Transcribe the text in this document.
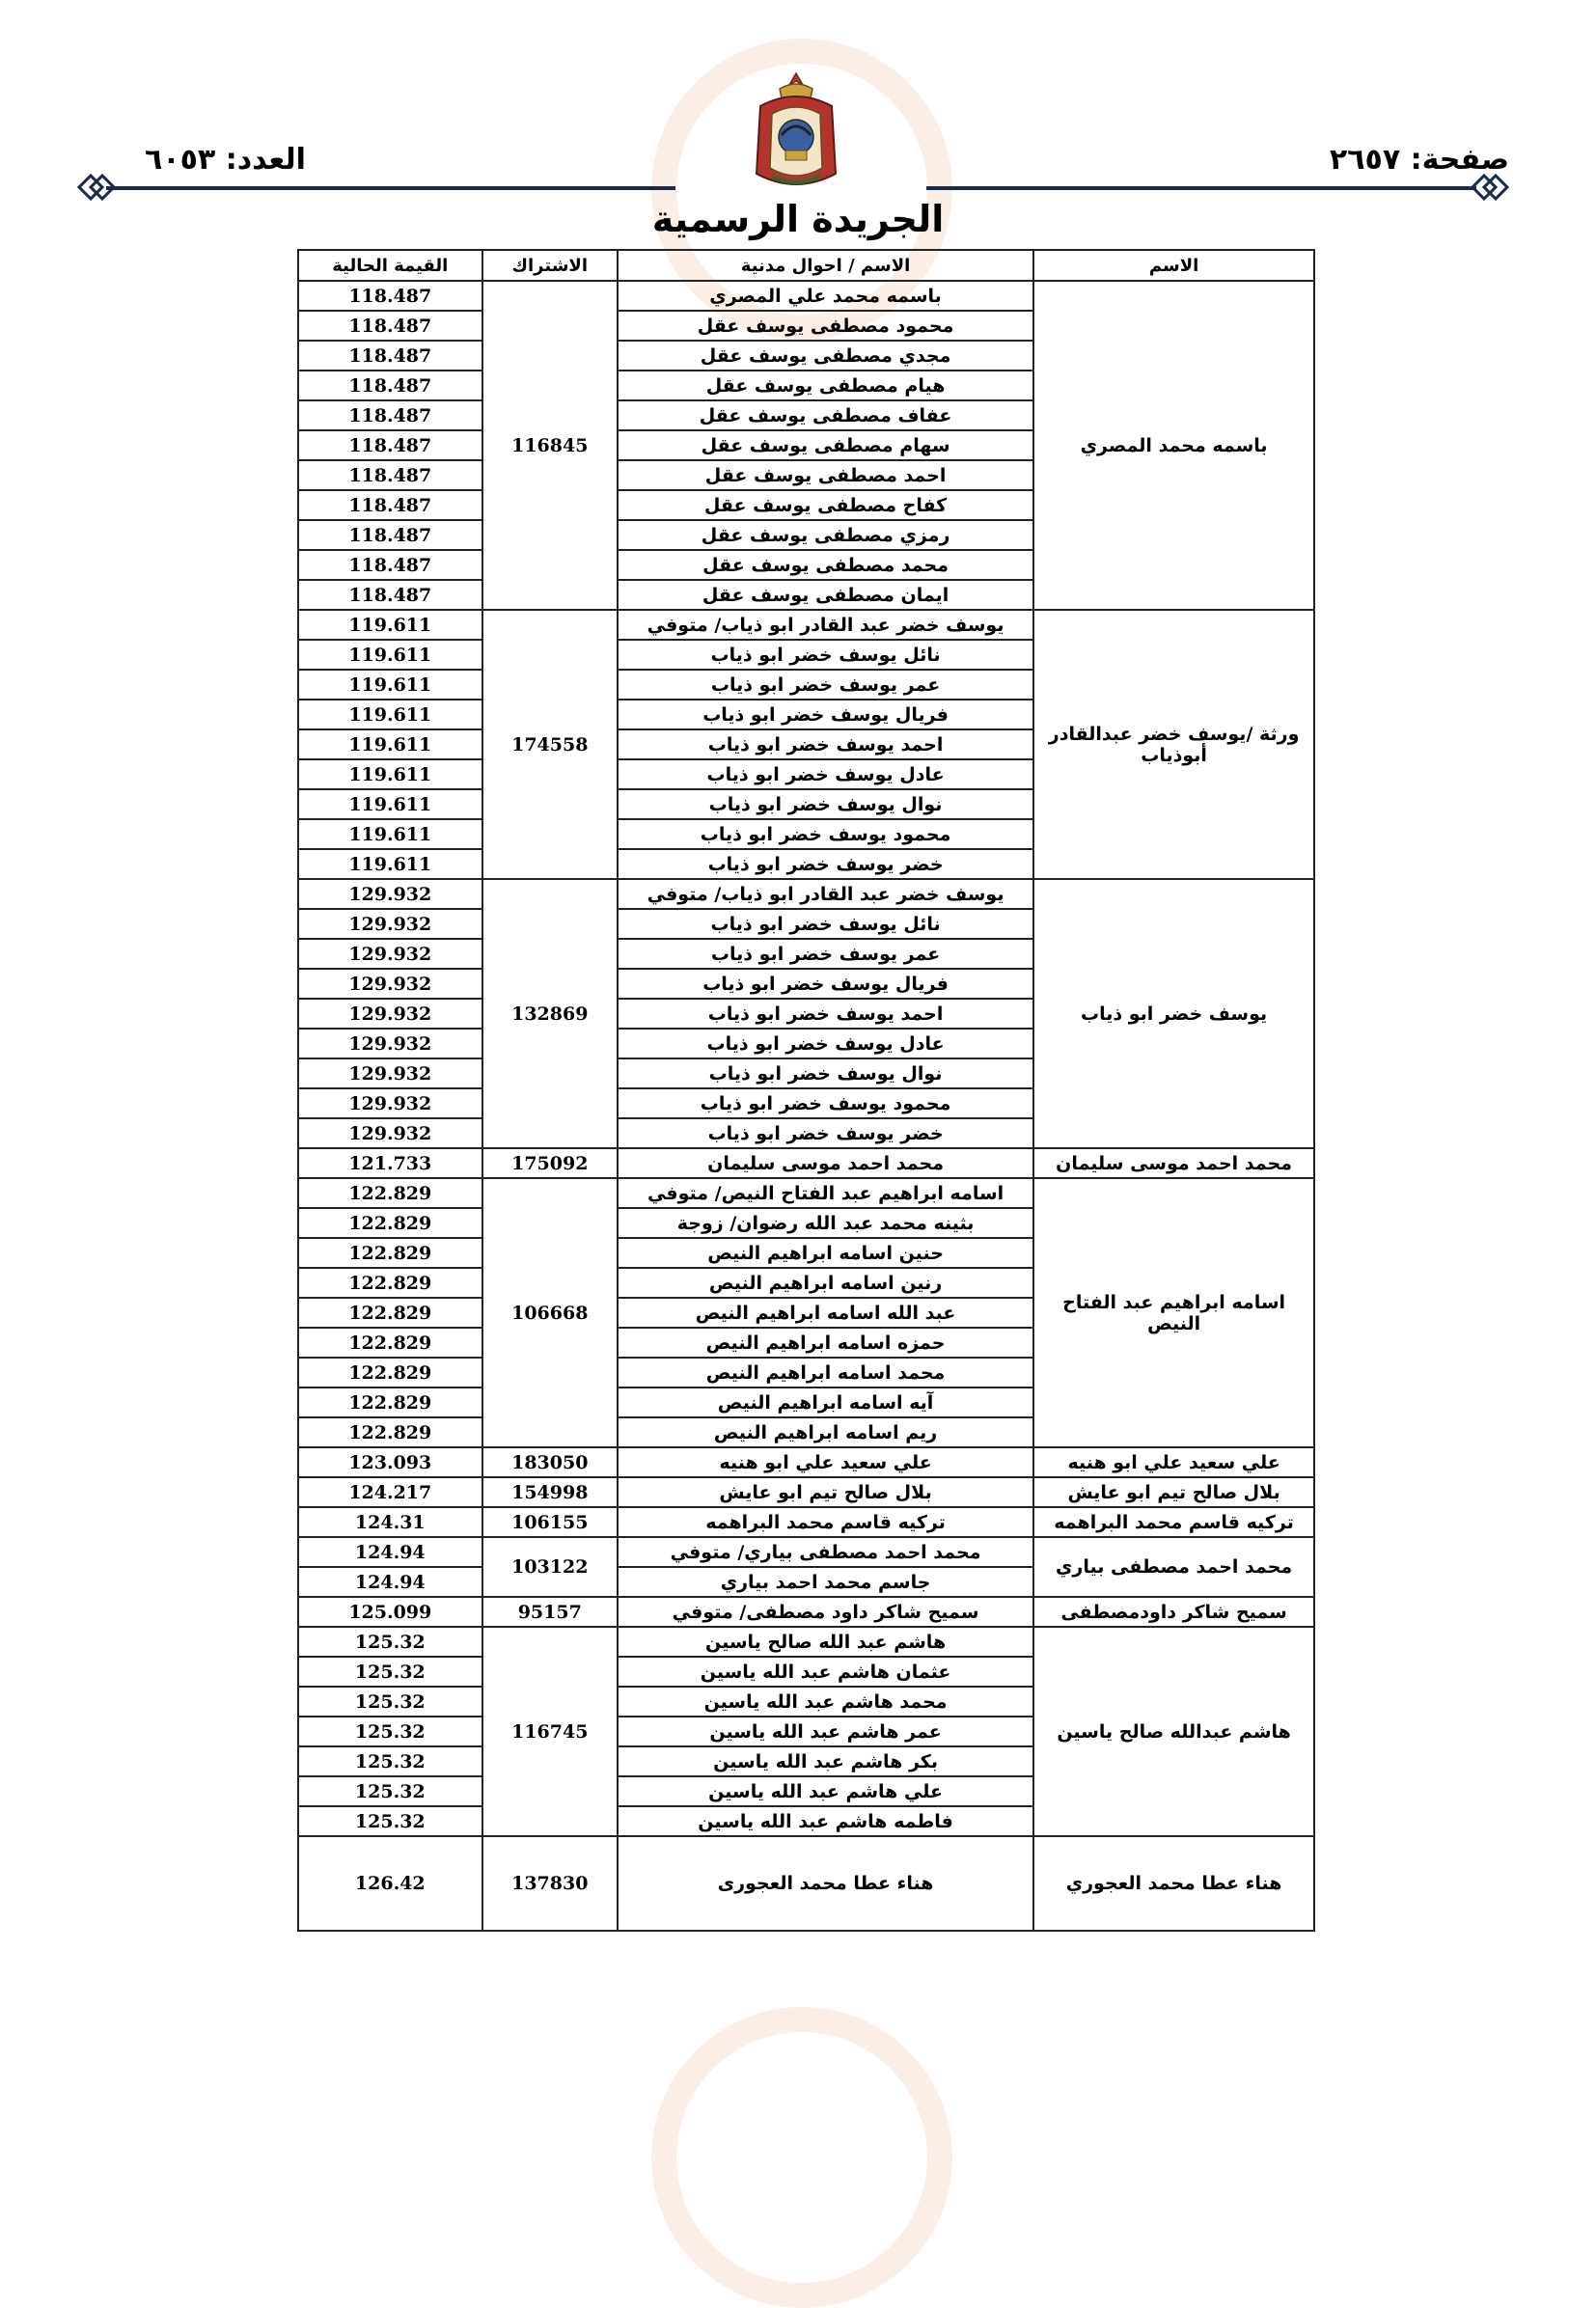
صفحة: ٢٦٥٧
العدد: ٦٠٥٣
الجريدة الرسمية
الاسم	الاسم / احوال مدنية	الاشتراك	القيمة الحالية
باسمه محمد المصري	باسمه محمد علي المصري	116845	118.487
	محمود مصطفى يوسف عقل		118.487
	مجدي مصطفى يوسف عقل		118.487
	هيام مصطفى يوسف عقل		118.487
	عفاف مصطفى يوسف عقل		118.487
	سهام مصطفى يوسف عقل		118.487
	احمد مصطفى يوسف عقل		118.487
	كفاح مصطفى يوسف عقل		118.487
	رمزي مصطفى يوسف عقل		118.487
	محمد مصطفى يوسف عقل		118.487
	ايمان مصطفى يوسف عقل		118.487
ورثة /يوسف خضر عبدالقادر أبوذياب	يوسف خضر عبد القادر ابو ذياب/ متوفي	174558	119.611
	نائل يوسف خضر ابو ذياب		119.611
	عمر يوسف خضر ابو ذياب		119.611
	فريال يوسف خضر ابو ذياب		119.611
	احمد يوسف خضر ابو ذياب		119.611
	عادل يوسف خضر ابو ذياب		119.611
	نوال يوسف خضر ابو ذياب		119.611
	محمود يوسف خضر ابو ذياب		119.611
	خضر يوسف خضر ابو ذياب		119.611
يوسف خضر ابو ذياب	يوسف خضر عبد القادر ابو ذياب/ متوفي	132869	129.932
	نائل يوسف خضر ابو ذياب		129.932
	عمر يوسف خضر ابو ذياب		129.932
	فريال يوسف خضر ابو ذياب		129.932
	احمد يوسف خضر ابو ذياب		129.932
	عادل يوسف خضر ابو ذياب		129.932
	نوال يوسف خضر ابو ذياب		129.932
	محمود يوسف خضر ابو ذياب		129.932
	خضر يوسف خضر ابو ذياب		129.932
محمد احمد موسى سليمان	محمد احمد موسى سليمان	175092	121.733
اسامه ابراهيم عبد الفتاح النيص	اسامه ابراهيم عبد الفتاح النيص/ متوفي	106668	122.829
	بثينه محمد عبد الله رضوان/ زوجة		122.829
	حنين اسامه ابراهيم النيص		122.829
	رنين اسامه ابراهيم النيص		122.829
	عبد الله اسامه ابراهيم النيص		122.829
	حمزه اسامه ابراهيم النيص		122.829
	محمد اسامه ابراهيم النيص		122.829
	آيه اسامه ابراهيم النيص		122.829
	ريم اسامه ابراهيم النيص		122.829
علي سعيد علي ابو هنيه	علي سعيد علي ابو هنيه	183050	123.093
بلال صالح تيم ابو عايش	بلال صالح تيم ابو عايش	154998	124.217
تركيه قاسم محمد البراهمه	تركيه قاسم محمد البراهمه	106155	124.31
محمد احمد مصطفى بياري	محمد احمد مصطفى بياري/ متوفي	103122	124.94
	جاسم محمد احمد بياري		124.94
سميح شاكر داودمصطفى	سميح شاكر داود مصطفى/ متوفي	95157	125.099
هاشم عبدالله صالح ياسين	هاشم عبد الله صالح ياسين	116745	125.32
	عثمان هاشم عبد الله ياسين		125.32
	محمد هاشم عبد الله ياسين		125.32
	عمر هاشم عبد الله ياسين		125.32
	بكر هاشم عبد الله ياسين		125.32
	علي هاشم عبد الله ياسين		125.32
	فاطمه هاشم عبد الله ياسين		125.32
هناء عطا محمد العجوري	هناء عطا محمد العجورى	137830	126.42
